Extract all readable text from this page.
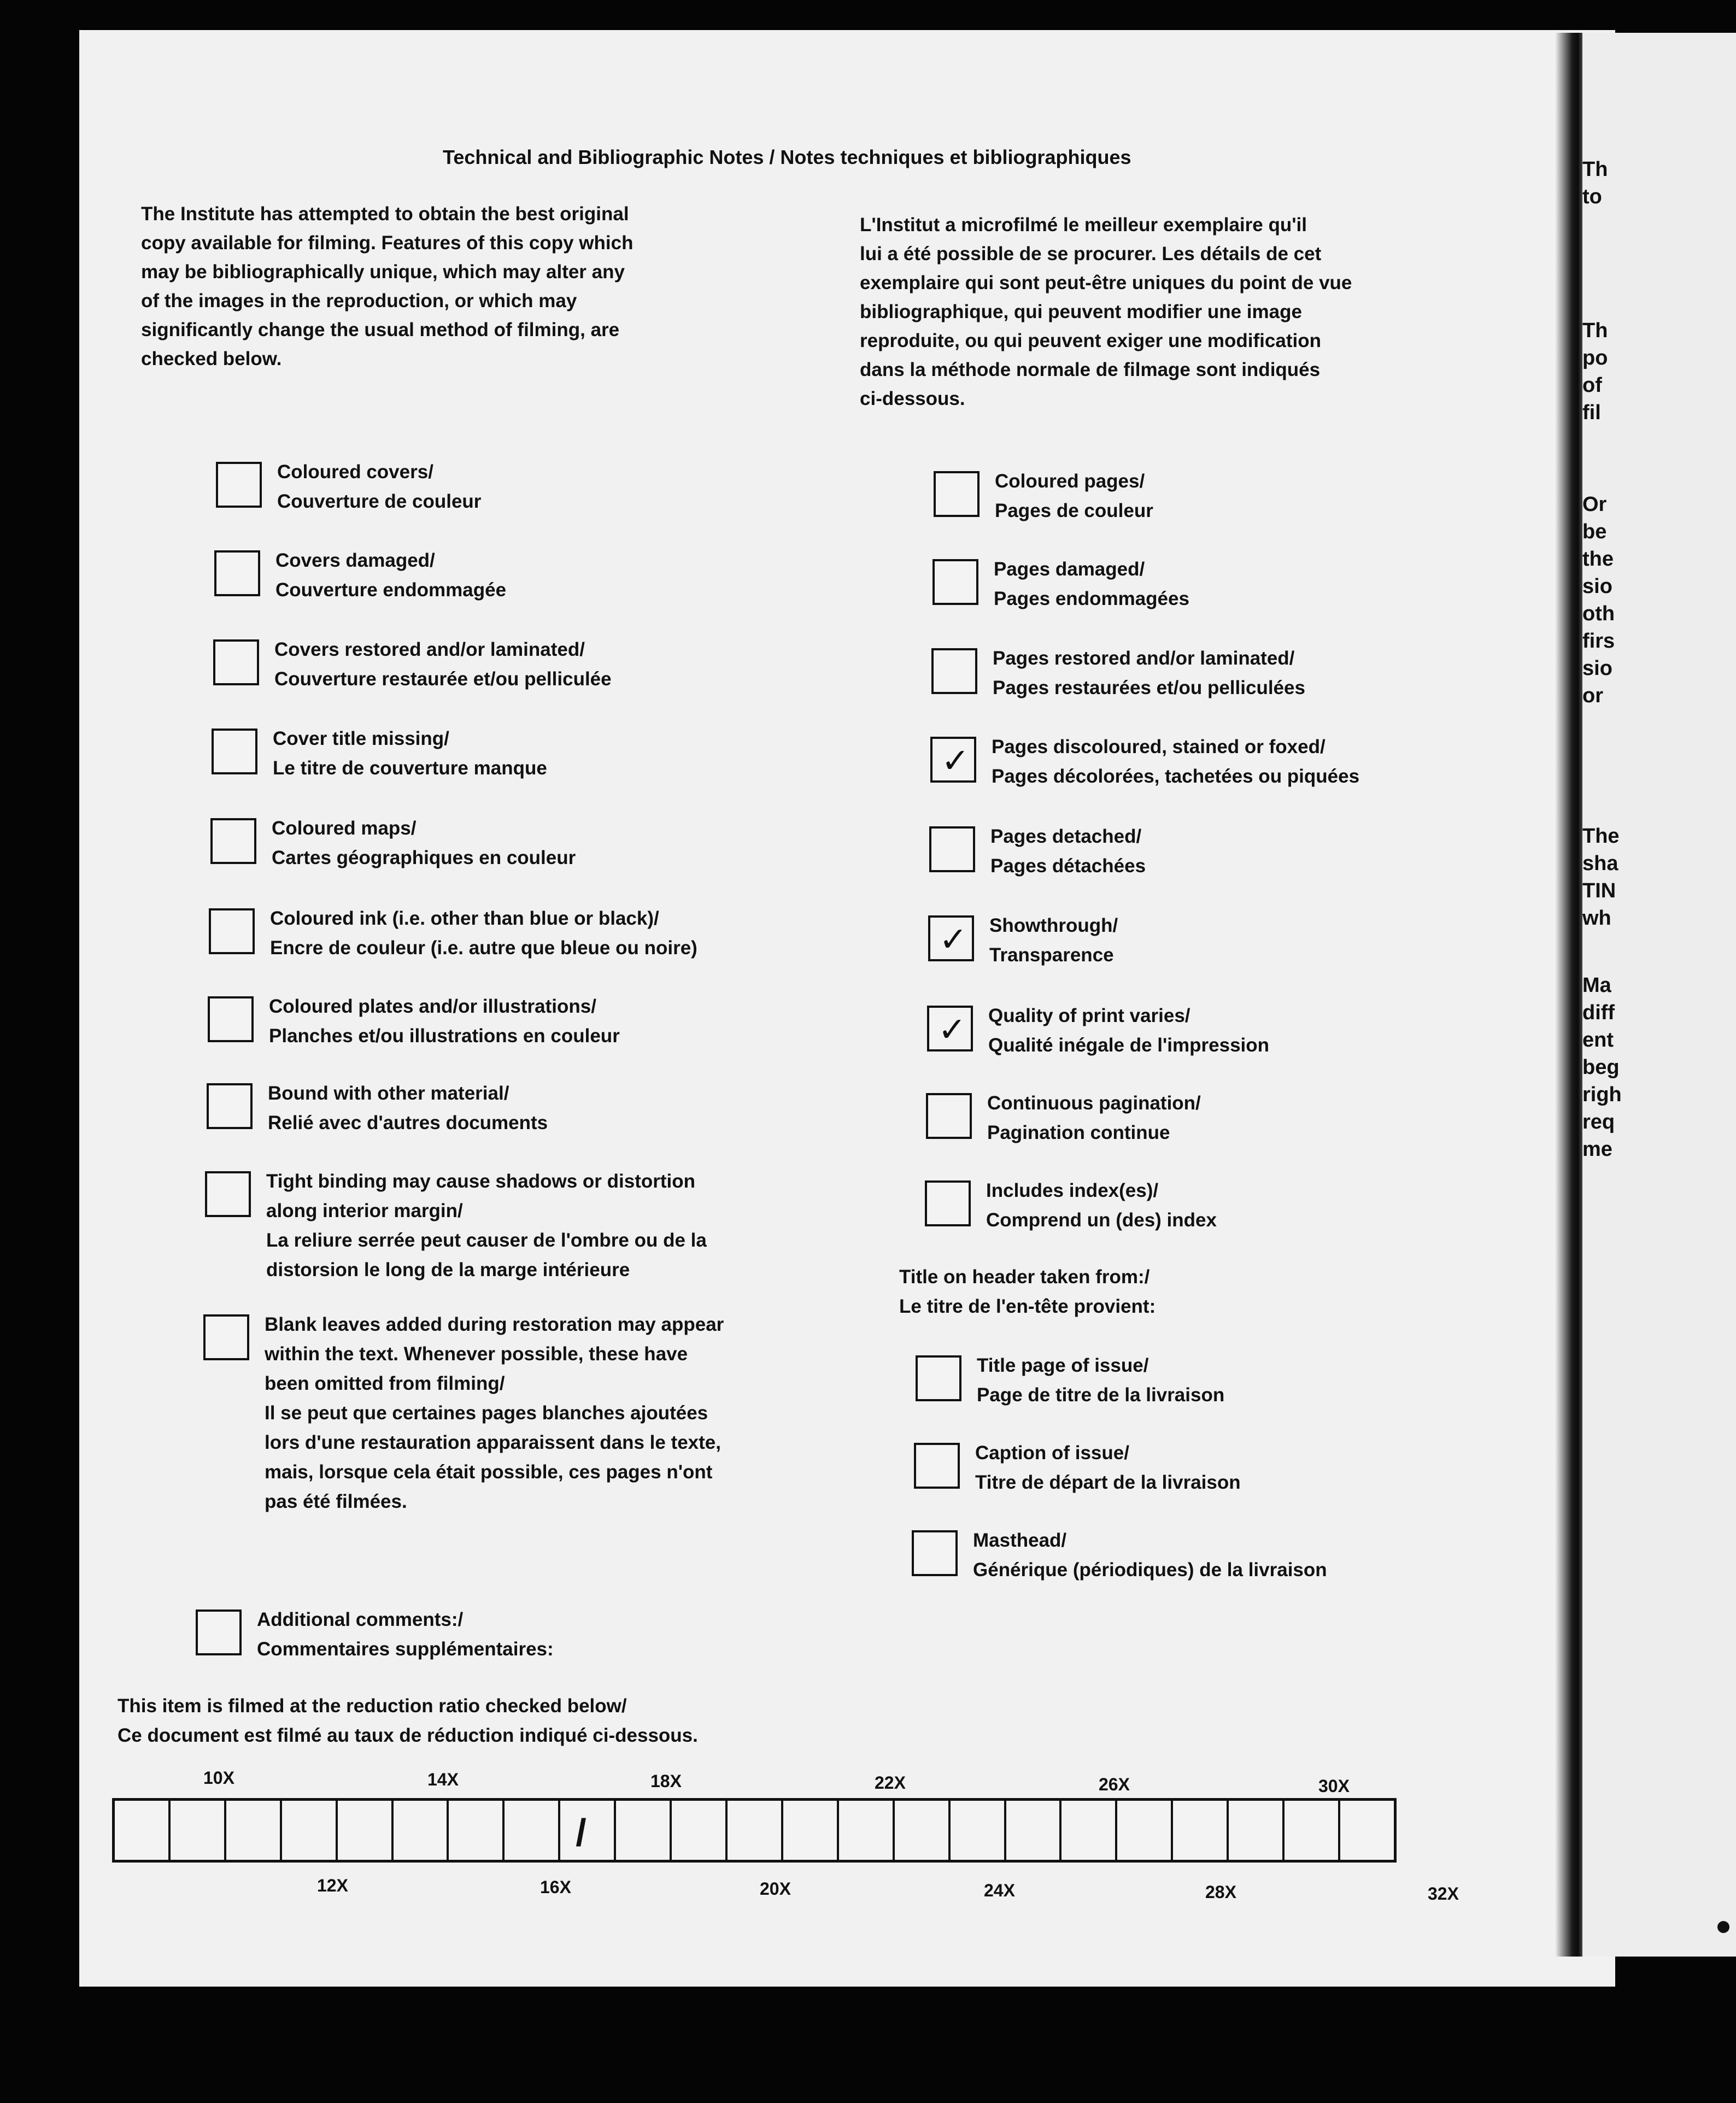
Th
to
Th
po
of
fil
Or
be
the
sio
oth
firs
sio
or
The
sha
TIN
wh
Ma
diff
ent
beg
righ
req
me
Technical and Bibliographic Notes / Notes techniques et bibliographiques
The Institute has attempted to obtain the best original
copy available for filming. Features of this copy which
may be bibliographically unique, which may alter any
of the images in the reproduction, or which may
significantly change the usual method of filming, are
checked below.
L'Institut a microfilmé le meilleur exemplaire qu'il
lui a été possible de se procurer. Les détails de cet
exemplaire qui sont peut-être uniques du point de vue
bibliographique, qui peuvent modifier une image
reproduite, ou qui peuvent exiger une modification
dans la méthode normale de filmage sont indiqués
ci-dessous.
Coloured covers/
Couverture de couleur
Covers damaged/
Couverture endommagée
Covers restored and/or laminated/
Couverture restaurée et/ou pelliculée
Cover title missing/
Le titre de couverture manque
Coloured maps/
Cartes géographiques en couleur
Coloured ink (i.e. other than blue or black)/
Encre de couleur (i.e. autre que bleue ou noire)
Coloured plates and/or illustrations/
Planches et/ou illustrations en couleur
Bound with other material/
Relié avec d'autres documents
Tight binding may cause shadows or distortion
along interior margin/
La reliure serrée peut causer de l'ombre ou de la
distorsion le long de la marge intérieure
Blank leaves added during restoration may appear
within the text. Whenever possible, these have
been omitted from filming/
Il se peut que certaines pages blanches ajoutées
lors d'une restauration apparaissent dans le texte,
mais, lorsque cela était possible, ces pages n'ont
pas été filmées.
Additional comments:/
Commentaires supplémentaires:
Coloured pages/
Pages de couleur
Pages damaged/
Pages endommagées
Pages restored and/or laminated/
Pages restaurées et/ou pelliculées
✓ Pages discoloured, stained or foxed/
Pages décolorées, tachetées ou piquées
Pages detached/
Pages détachées
✓ Showthrough/
Transparence
✓ Quality of print varies/
Qualité inégale de l'impression
Continuous pagination/
Pagination continue
Includes index(es)/
Comprend un (des) index
Title page of issue/
Page de titre de la livraison
Caption of issue/
Titre de départ de la livraison
Masthead/
Générique (périodiques) de la livraison
Title on header taken from:/
Le titre de l'en-tête provient:
This item is filmed at the reduction ratio checked below/
Ce document est filmé au taux de réduction indiqué ci-dessous.
10X	14X	18X	22X	26X	30X
12X	16X	20X	24X	28X	32X
/
